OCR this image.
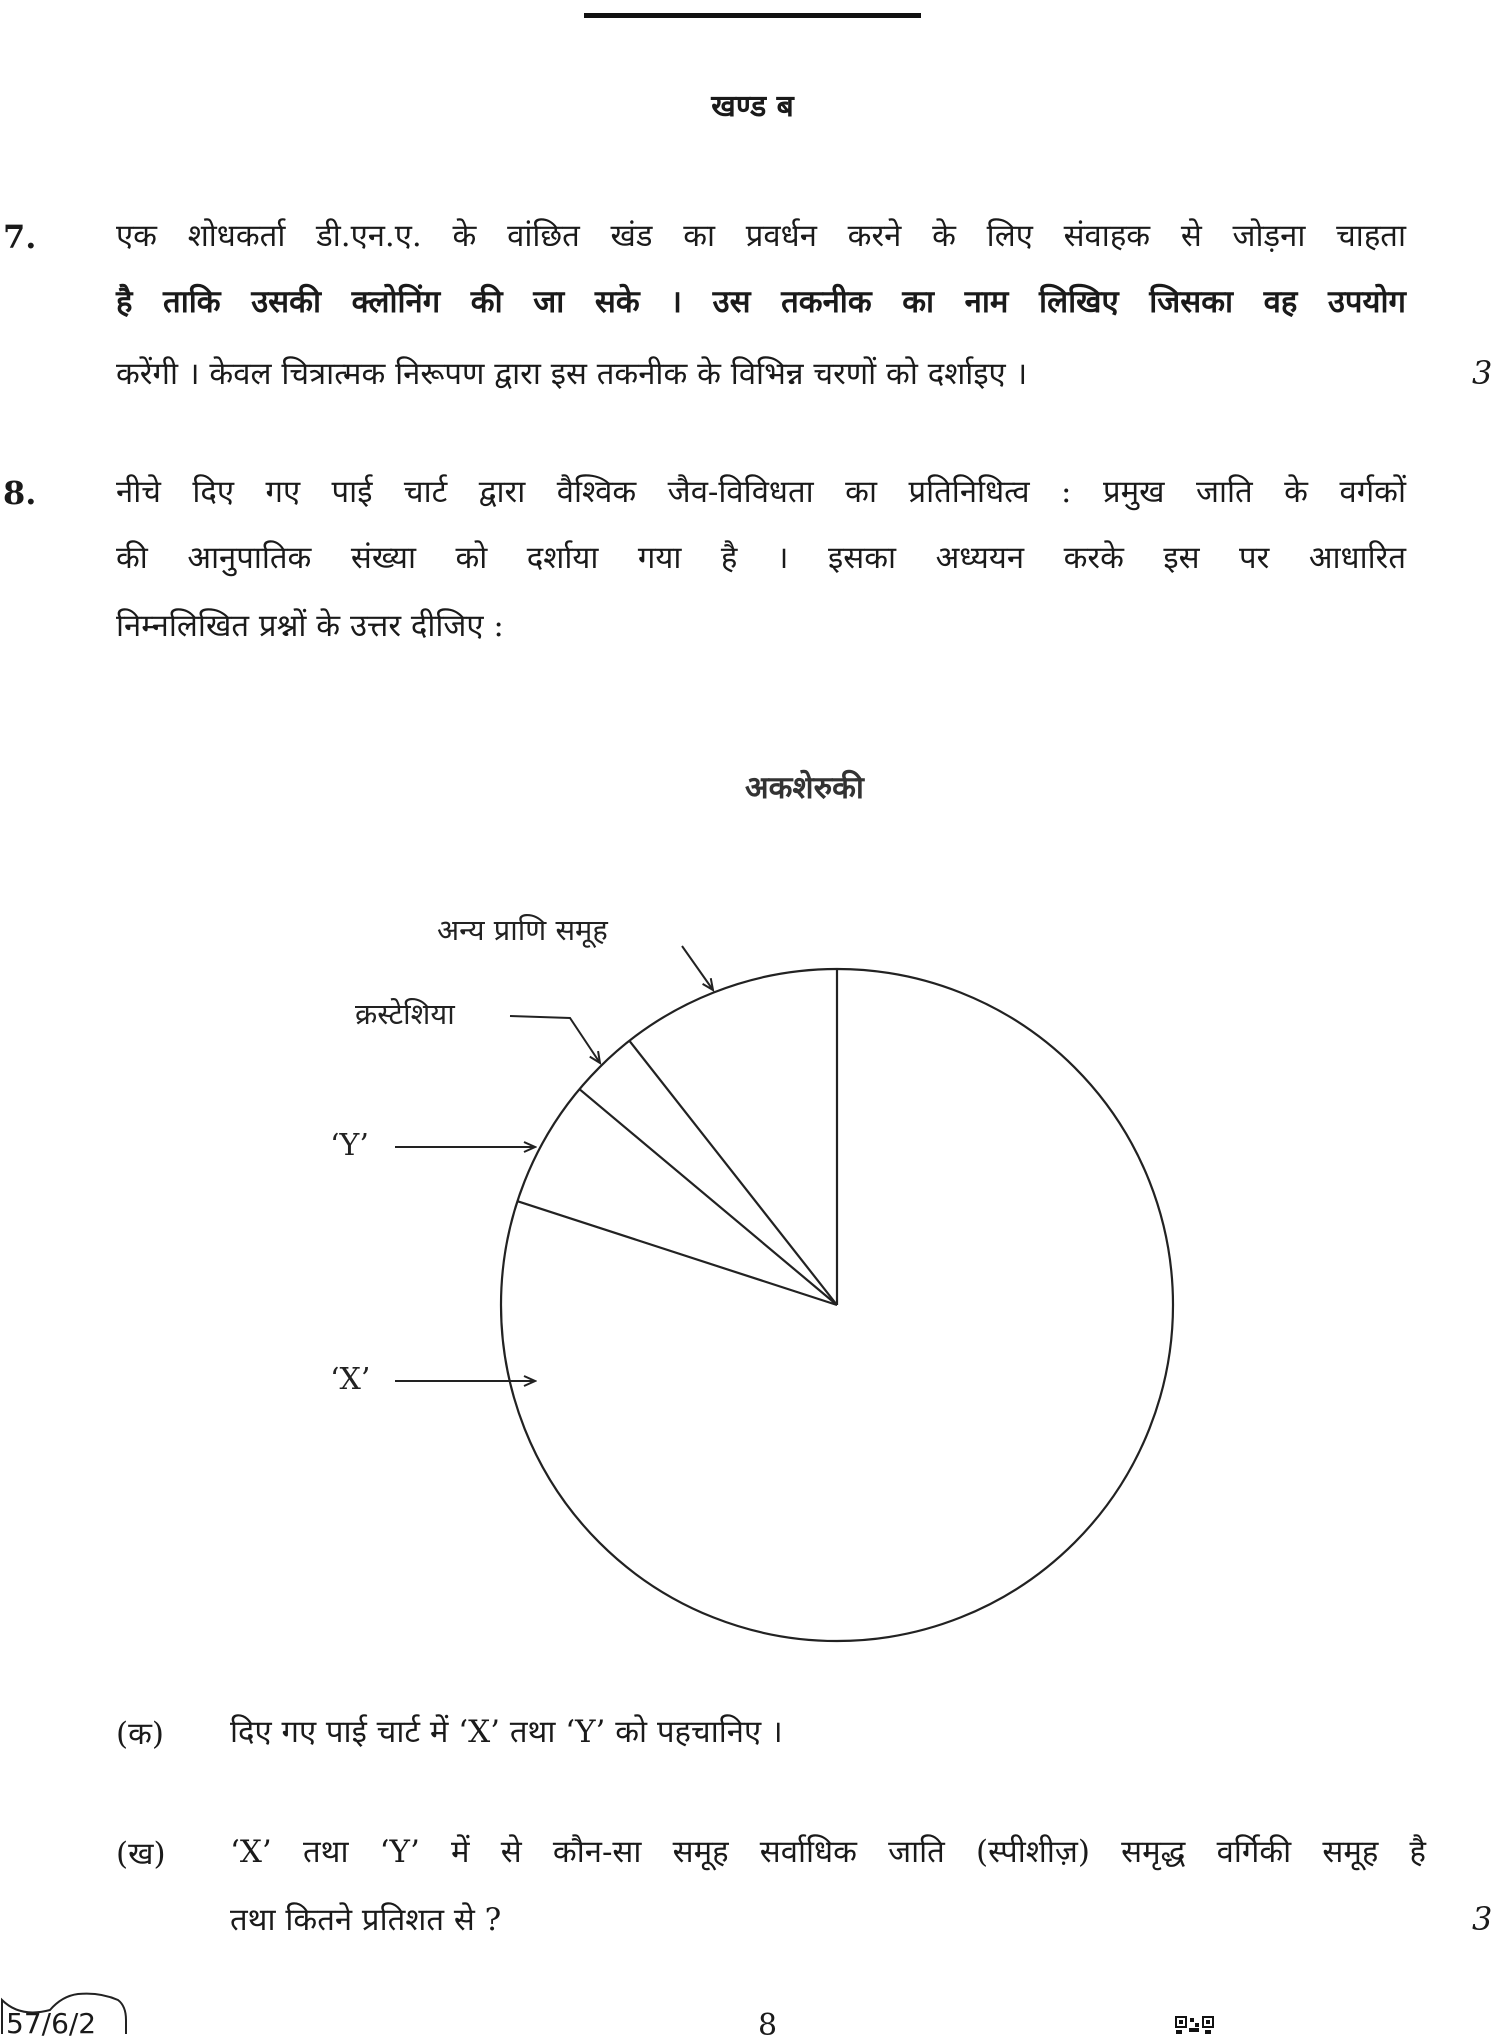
खण्ड ब
7.	एक शोधकर्ता डी.एन.ए. के वांछित खंड का प्रवर्धन करने के लिए संवाहक से जोड़ना चाहता
है ताकि उसकी क्लोनिंग की जा सके । उस तकनीक का नाम लिखिए जिसका वह उपयोग
करेंगी । केवल चित्रात्मक निरूपण द्वारा इस तकनीक के विभिन्न चरणों को दर्शाइए ।	3
8.	नीचे दिए गए पाई चार्ट द्वारा वैश्विक जैव-विविधता का प्रतिनिधित्व : प्रमुख जाति के वर्गकों
की आनुपातिक संख्या को दर्शाया गया है । इसका अध्ययन करके इस पर आधारित
निम्नलिखित प्रश्नों के उत्तर दीजिए :
अकशेरुकी
अन्य प्राणि समूह
क्रस्टेशिया
‘Y’
‘X’
(क) दिए गए पाई चार्ट में ‘X’ तथा ‘Y’ को पहचानिए ।
(ख) ‘X’ तथा ‘Y’ में से कौन-सा समूह सर्वाधिक जाति (स्पीशीज़) समृद्ध वर्गिकी समूह है
तथा कितने प्रतिशत से ?	3
57/6/2	8
